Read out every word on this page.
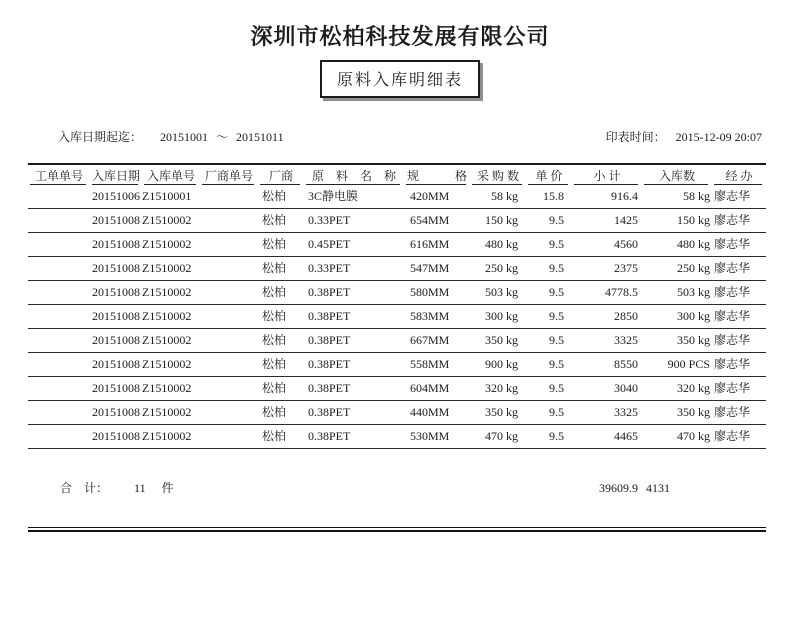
深圳市松柏科技发展有限公司
原料入库明细表

入库日期起迄： 20151001 ～ 20151011
	印表时间： 2015-12-09 20:07

工单单号	入库日期	入库单号	厂商单号	厂商	原　料　名　称	规　　　格	采 购 数	单 价	小 计	入库数	经 办
	20151006	Z1510001		松柏	3C静电膜	420MM	58 kg	15.8	916.4	58 kg	廖志华
	20151008	Z1510002		松柏	0.33PET	654MM	150 kg	9.5	1425	150 kg	廖志华
	20151008	Z1510002		松柏	0.45PET	616MM	480 kg	9.5	4560	480 kg	廖志华
	20151008	Z1510002		松柏	0.33PET	547MM	250 kg	9.5	2375	250 kg	廖志华
	20151008	Z1510002		松柏	0.38PET	580MM	503 kg	9.5	4778.5	503 kg	廖志华
	20151008	Z1510002		松柏	0.38PET	583MM	300 kg	9.5	2850	300 kg	廖志华
	20151008	Z1510002		松柏	0.38PET	667MM	350 kg	9.5	3325	350 kg	廖志华
	20151008	Z1510002		松柏	0.38PET	558MM	900 kg	9.5	8550	900 PCS	廖志华
	20151008	Z1510002		松柏	0.38PET	604MM	320 kg	9.5	3040	320 kg	廖志华
	20151008	Z1510002		松柏	0.38PET	440MM	350 kg	9.5	3325	350 kg	廖志华
	20151008	Z1510002		松柏	0.38PET	530MM	470 kg	9.5	4465	470 kg	廖志华

合　计： 11 件									39609.9	4131	
